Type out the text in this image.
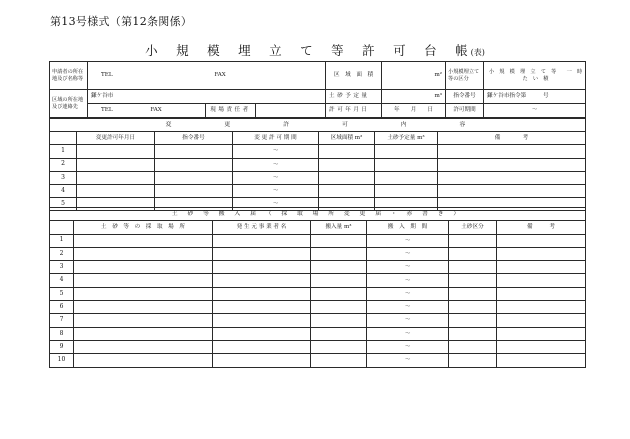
第13号様式（第12条関係）
小　規　模　埋　立　て　等　許　可　台　帳(表)
申請者の所在地及び名称等	TEL FAX			区　域　面　積	m²	小規模埋立て等の区分	小　規　模　埋　立　て　等　　一　時　た　い　積
区域の所在地及び連絡先	鎌ケ谷市			土砂予定量	m³	指令番号	鎌ケ谷市指令第　　　号
	TEL FAX	現場責任者		許可年月日	年　　月　　日	許可期間	～
変　　　　　更　　　　　許　　　　　可　　　　　内　　　　　容						
	変更許可年月日	指令番号	変 更 許 可 期 間	区域面積 m²	土砂予定量 m³	備　　　　考
1			～			
2			～			
3			～			
4			～			
5			～			
土 砂 等 搬 入 届 （ 採 取 場 所 変 更 届 ・ 赤 書 き ）						
	土　砂　等　の　採　取　場　所	発 生 元 事 業 者 名	搬入量 m³	搬　入　期　間	土砂区分	備　　　考
1				～		
2				～		
3				～		
4				～		
5				～		
6				～		
7				～		
8				～		
9				～		
10				～		
